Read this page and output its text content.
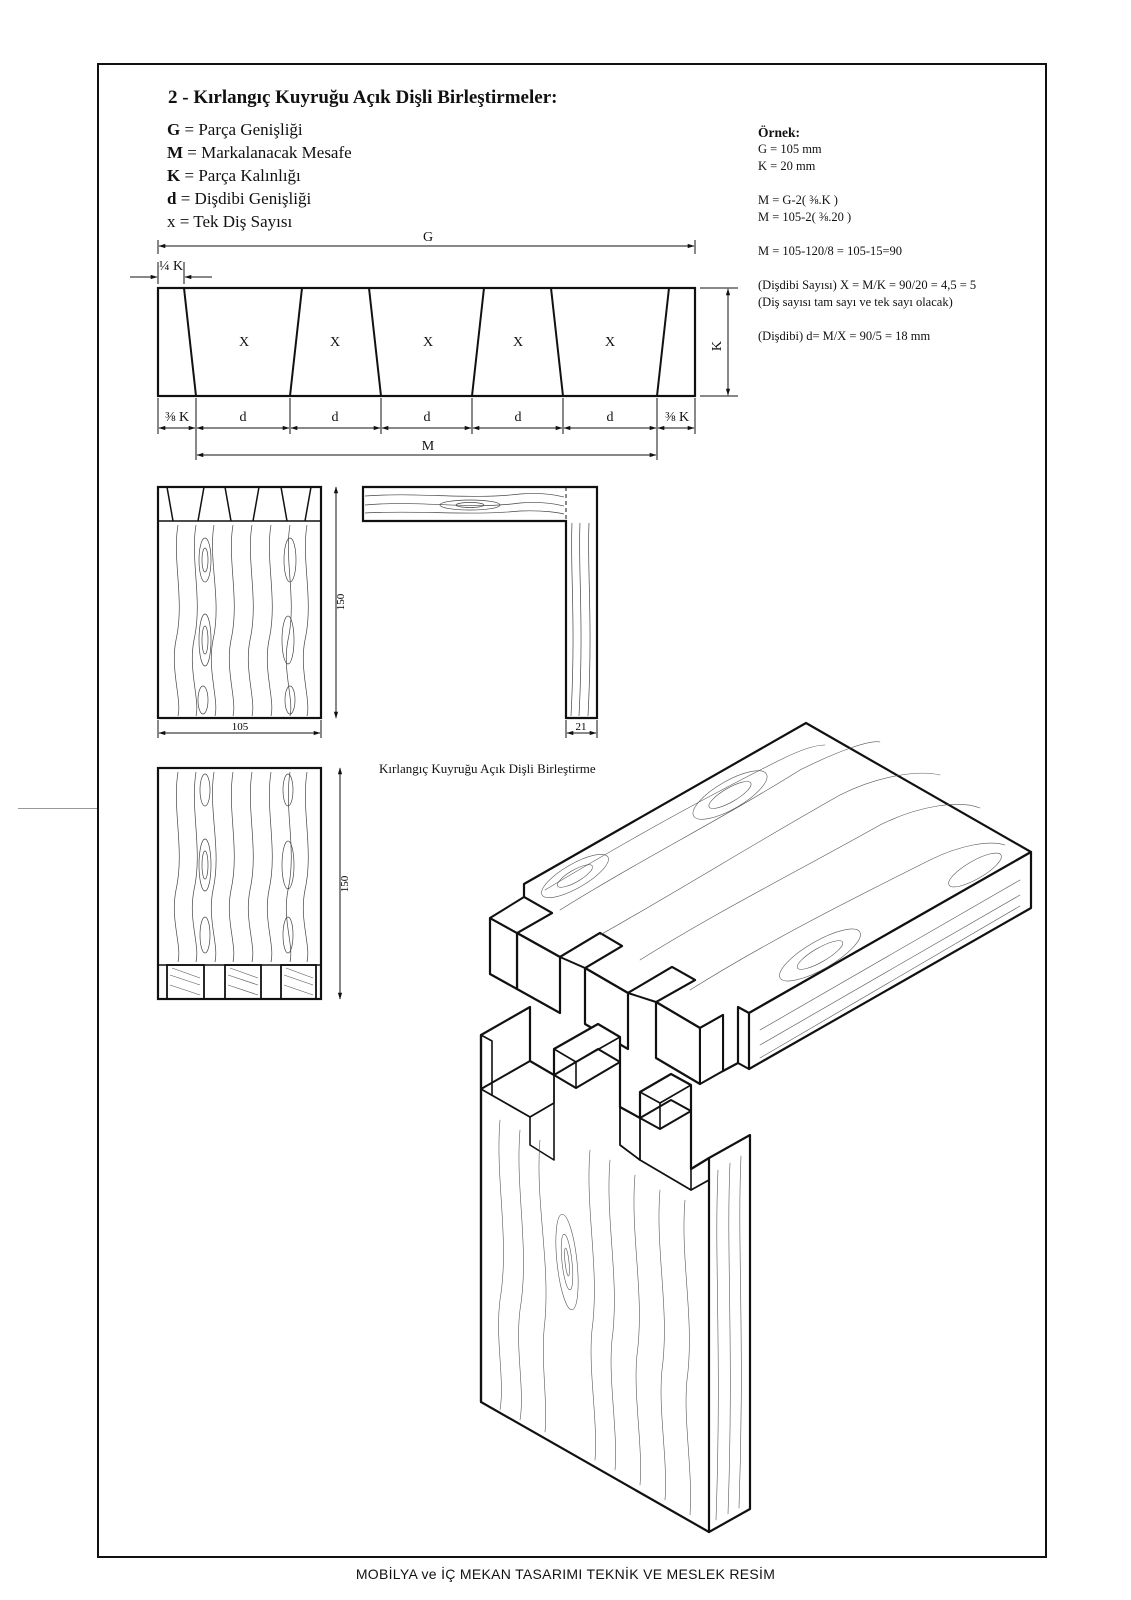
2 - Kırlangıç Kuyruğu Açık Dişli Birleştirmeler:
G = Parça Genişliği
M = Markalanacak Mesafe
K = Parça Kalınlığı
d = Dişdibi Genişliği
x = Tek Diş Sayısı
Örnek:
G = 105 mm
K = 20 mm
M = G-2( ⅜.K )
M = 105-2( ⅜.20 )
M = 105-120/8 = 105-15=90
(Dişdibi Sayısı) X = M/K = 90/20 = 4,5 = 5
(Diş sayısı tam sayı ve tek sayı olacak)
(Dişdibi) d= M/X = 90/5 = 18 mm
G
¼ K
K
X	X	X	X	X
⅜ K	d	d	d	d	d	⅜ K
M
105
150
21
150
Kırlangıç Kuyruğu Açık Dişli Birleştirme
MOBİLYA ve İÇ MEKAN TASARIMI TEKNİK VE MESLEK RESİM
